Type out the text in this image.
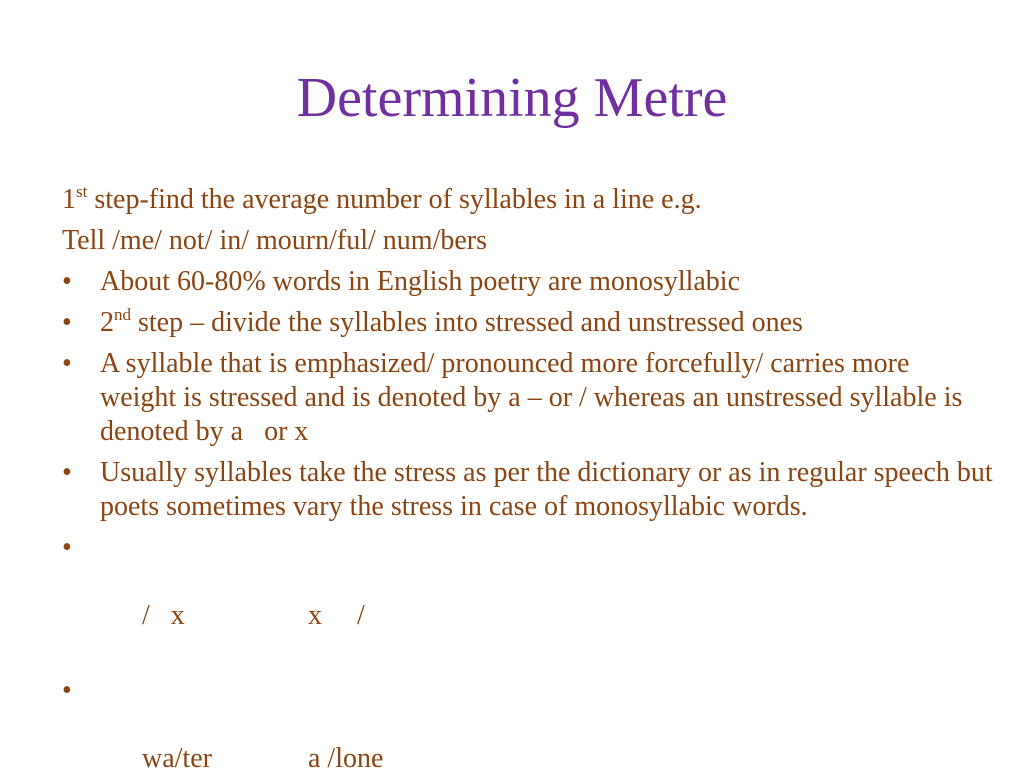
Determining Metre

1st step-find the average number of syllables in a line e.g.

Tell /me/ not/ in/ mourn/ful/ num/bers

•	About 60-80% words in English poetry are monosyllabic
•	2nd step – divide the syllables into stressed and unstressed ones
•	A syllable that is emphasized/ pronounced more forcefully/ carries more weight is stressed and is denoted by a – or / whereas an unstressed syllable is denoted by a   or x
•	Usually syllables take the stress as per the dictionary or as in regular speech but poets sometimes vary the stress in case of monosyllabic words.

•

/   x	x     /

•

wa/ter	a /lone
